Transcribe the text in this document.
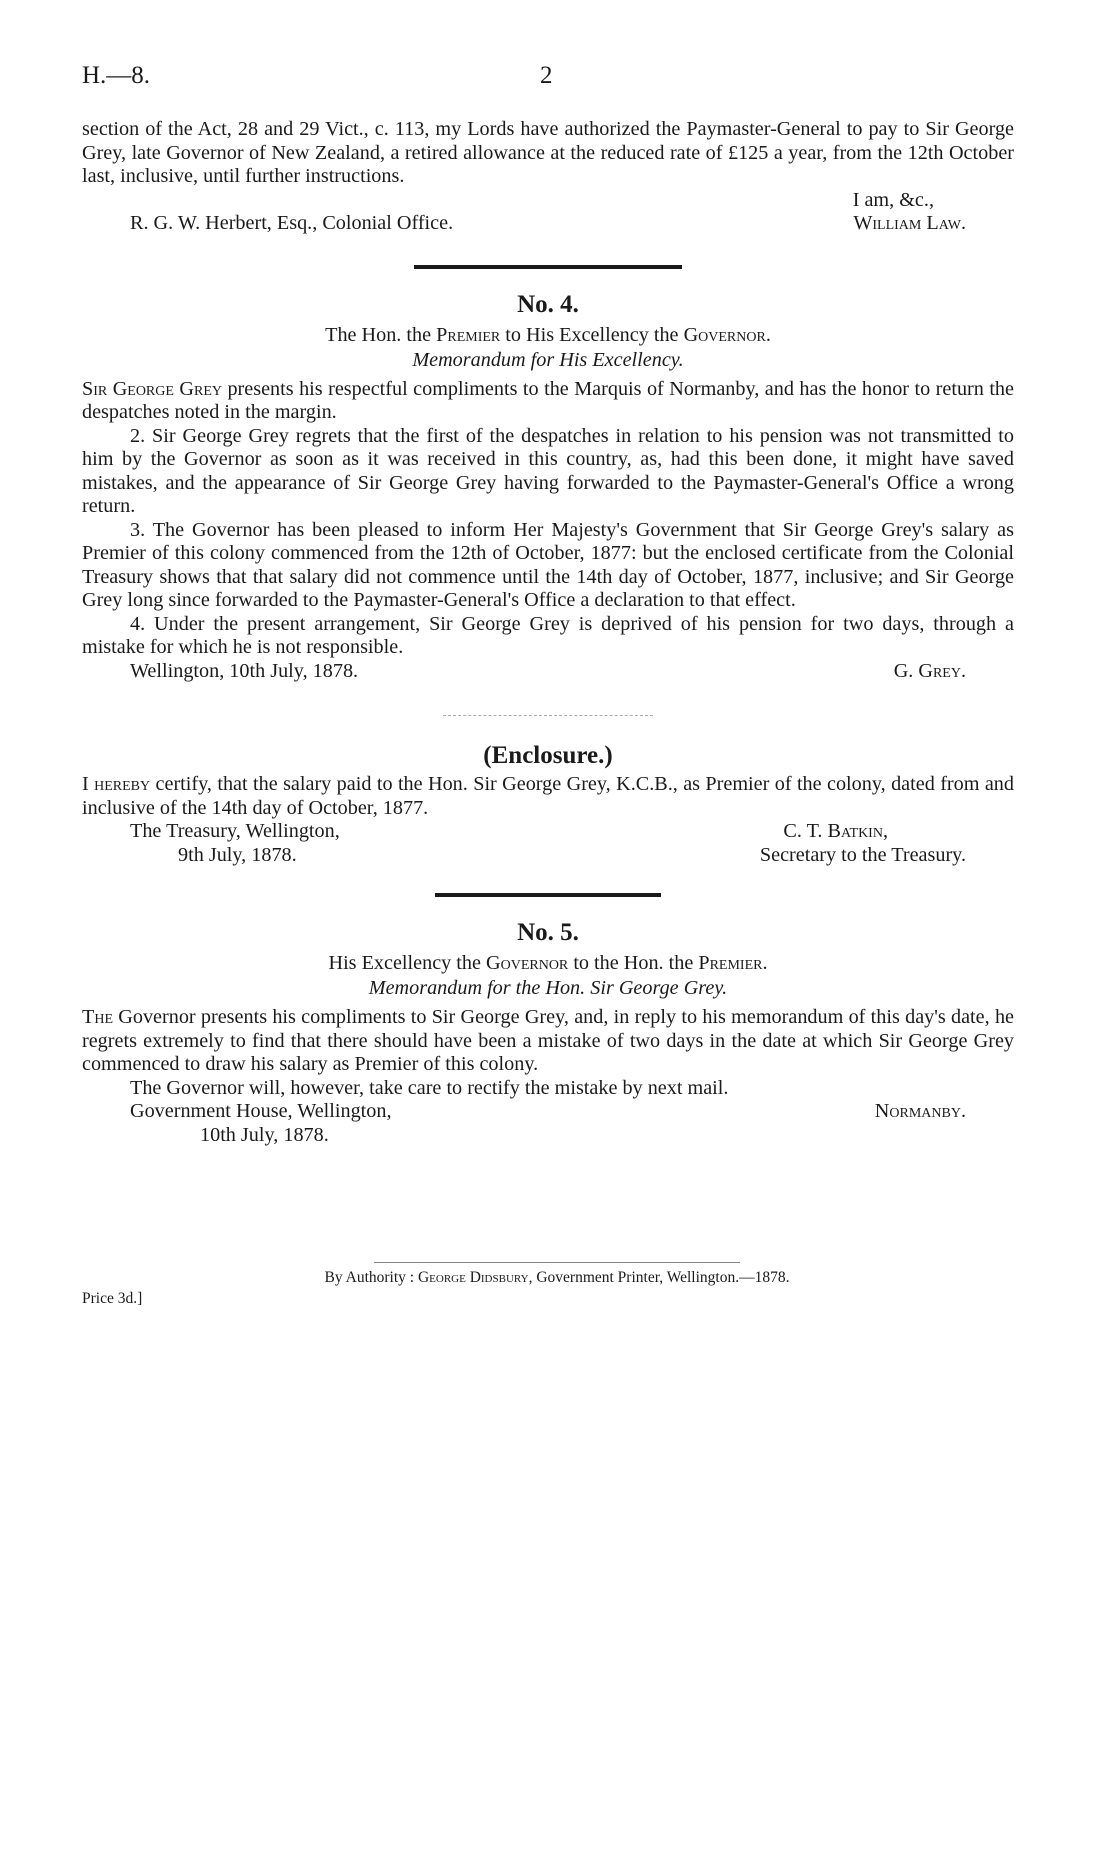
H.—8.	2

section of the Act, 28 and 29 Vict., c. 113, my Lords have authorized the Paymaster-General to pay to Sir George Grey, late Governor of New Zealand, a retired allowance at the reduced rate of £125 a year, from the 12th October last, inclusive, until further instructions.

I am, &c.,
R. G. W. Herbert, Esq., Colonial Office.	William Law.
No. 4.
The Hon. the Premier to His Excellency the Governor.
Memorandum for His Excellency.

Sir George Grey presents his respectful compliments to the Marquis of Normanby, and has the honor to return the despatches noted in the margin.

2. Sir George Grey regrets that the first of the despatches in relation to his pension was not transmitted to him by the Governor as soon as it was received in this country, as, had this been done, it might have saved mistakes, and the appearance of Sir George Grey having forwarded to the Paymaster-General's Office a wrong return.

3. The Governor has been pleased to inform Her Majesty's Government that Sir George Grey's salary as Premier of this colony commenced from the 12th of October, 1877: but the enclosed certificate from the Colonial Treasury shows that that salary did not commence until the 14th day of October, 1877, inclusive; and Sir George Grey long since forwarded to the Paymaster-General's Office a declaration to that effect.

4. Under the present arrangement, Sir George Grey is deprived of his pension for two days, through a mistake for which he is not responsible.

Wellington, 10th July, 1878.	G. Grey.
(Enclosure.)

I hereby certify, that the salary paid to the Hon. Sir George Grey, K.C.B., as Premier of the colony, dated from and inclusive of the 14th day of October, 1877.

The Treasury, Wellington,	C. T. Batkin,
9th July, 1878.	Secretary to the Treasury.
No. 5.
His Excellency the Governor to the Hon. the Premier.
Memorandum for the Hon. Sir George Grey.

The Governor presents his compliments to Sir George Grey, and, in reply to his memorandum of this day's date, he regrets extremely to find that there should have been a mistake of two days in the date at which Sir George Grey commenced to draw his salary as Premier of this colony.

The Governor will, however, take care to rectify the mistake by next mail.

Government House, Wellington,	Normanby.
10th July, 1878.
By Authority : George Didsbury, Government Printer, Wellington.—1878.
Price 3d.]
